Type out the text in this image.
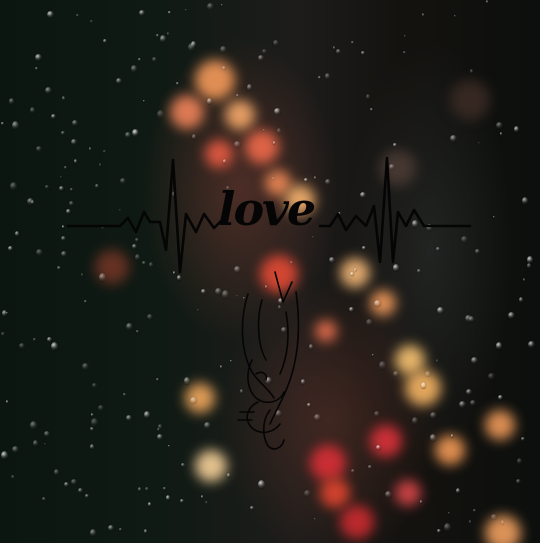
love
